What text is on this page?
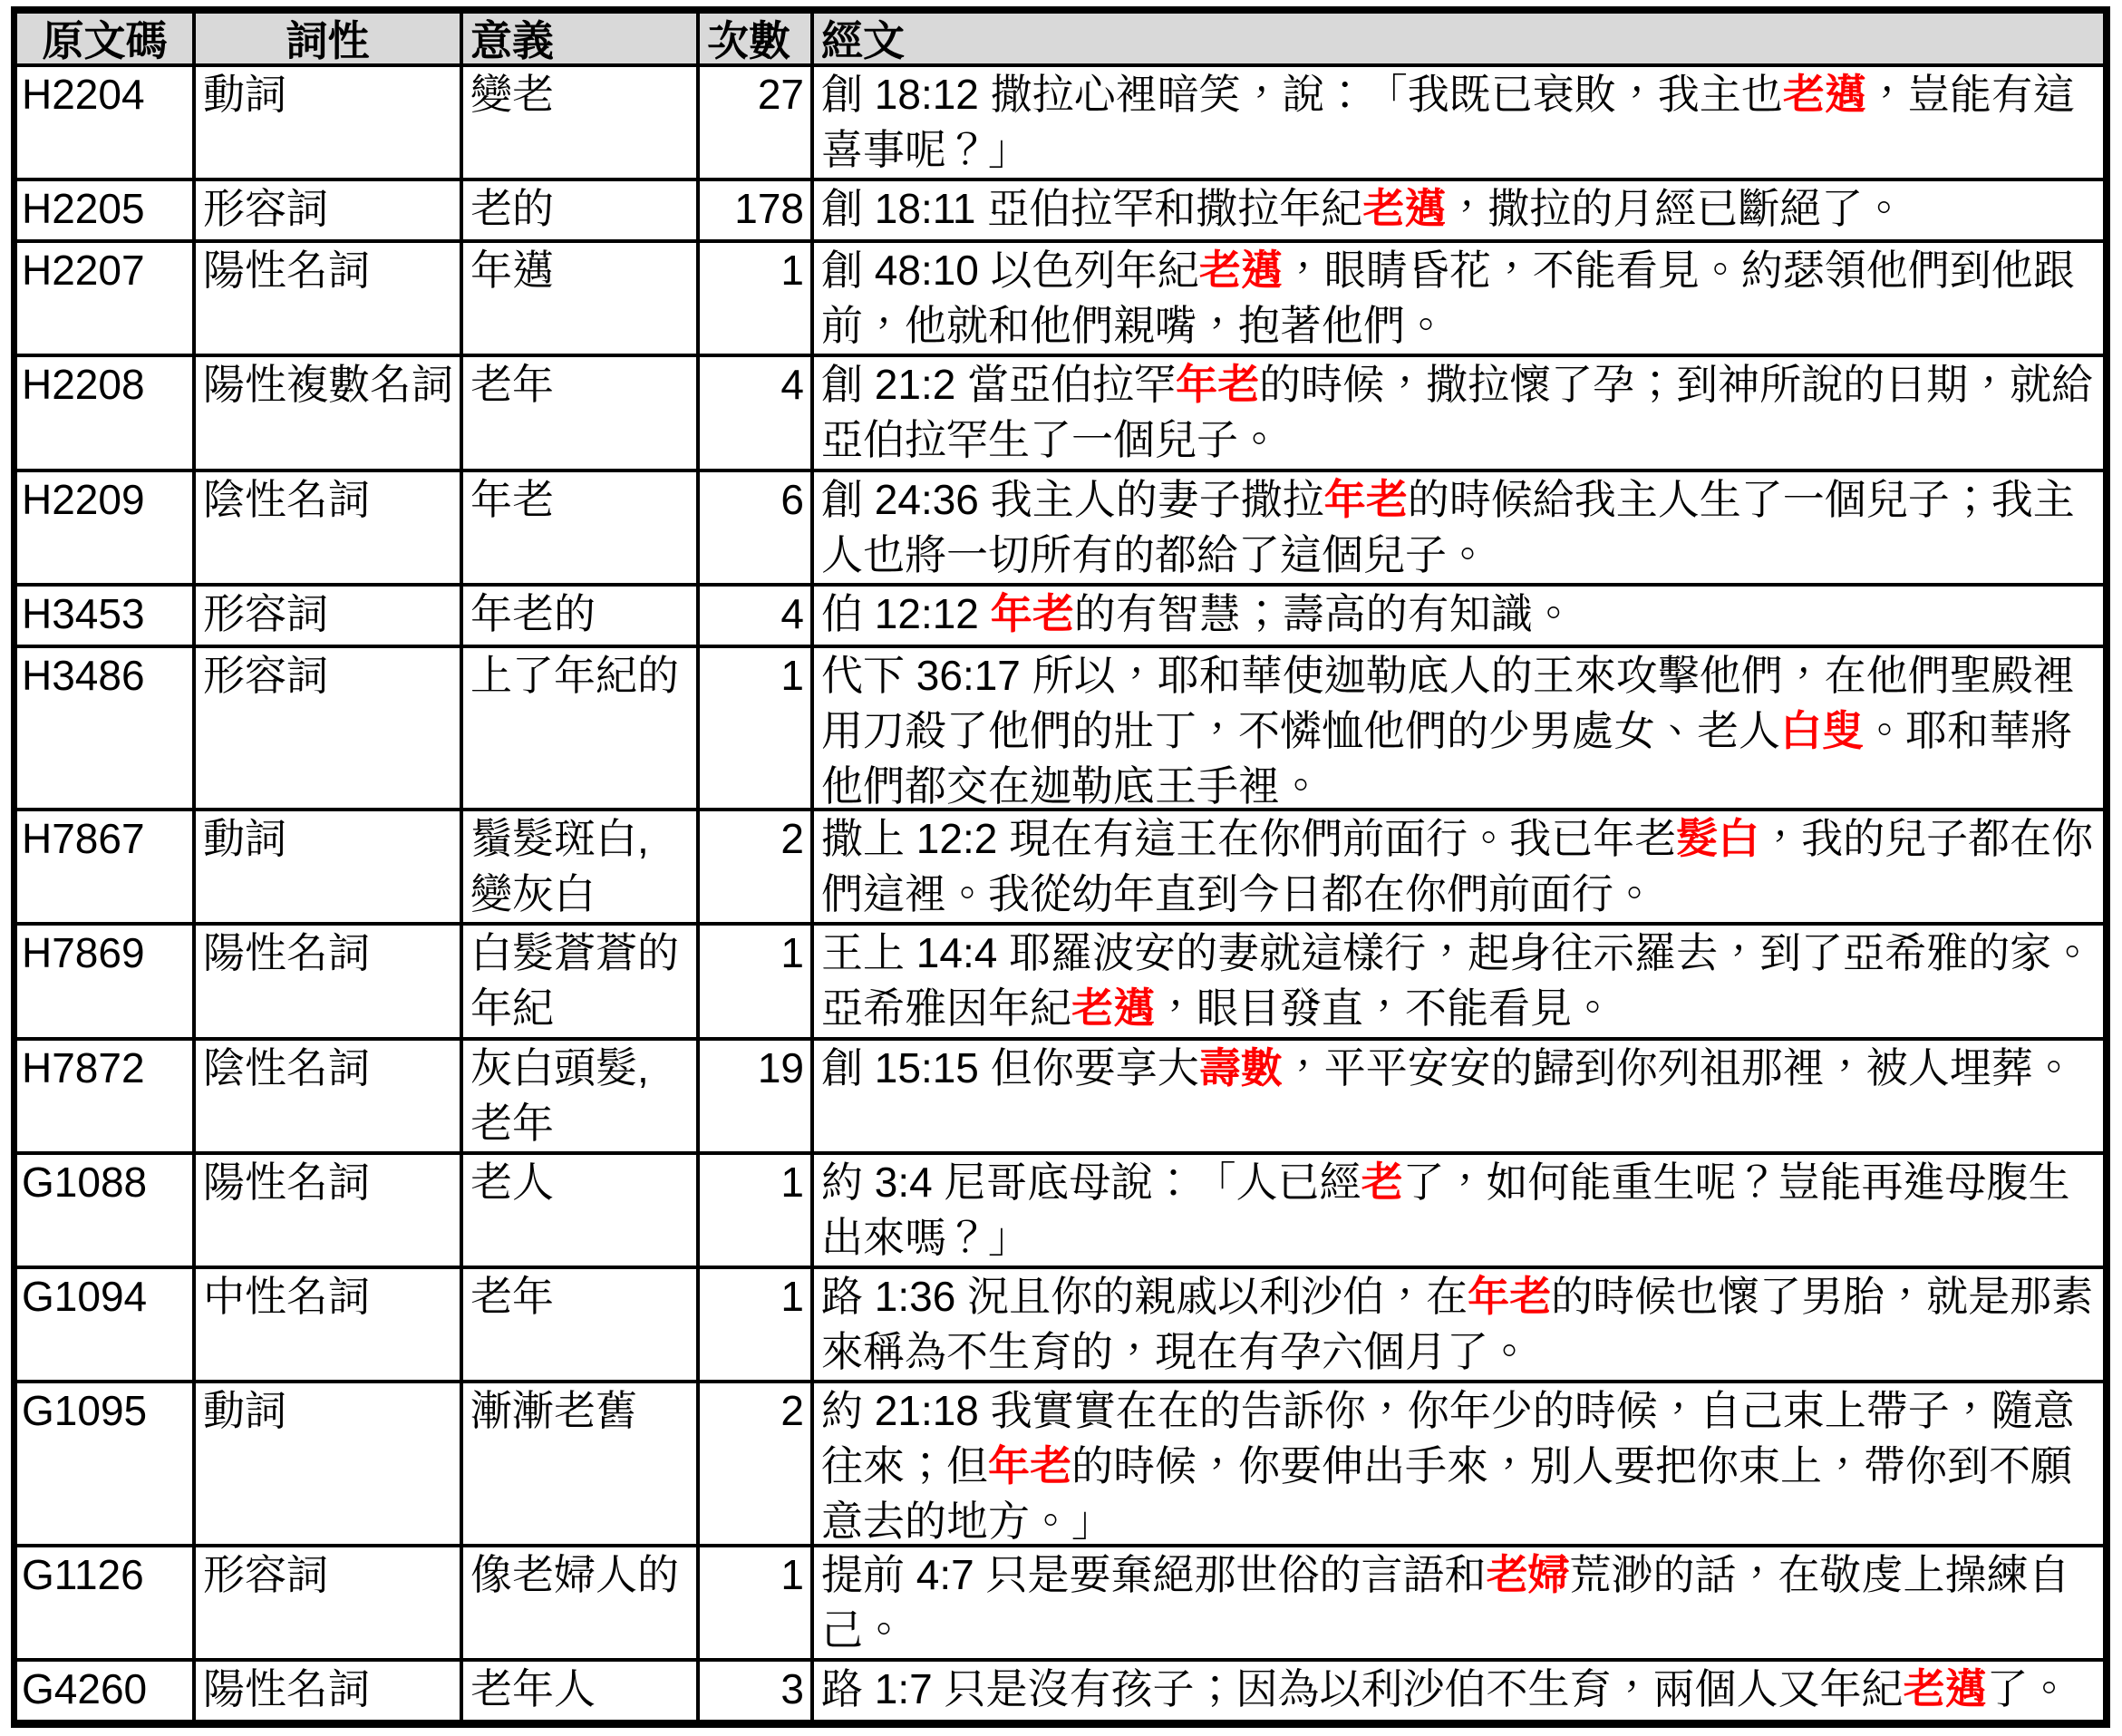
原文碼	詞性	意義	次數	經文

H2204	動詞	變老	27	創 18:12 撒拉心裡暗笑，說：「我既已衰敗，我主也老邁，豈能有這
喜事呢？」

H2205	形容詞	老的	178	創 18:11 亞伯拉罕和撒拉年紀老邁，撒拉的月經已斷絕了。

H2207	陽性名詞	年邁	1	創 48:10 以色列年紀老邁，眼睛昏花，不能看見。約瑟領他們到他跟
前，他就和他們親嘴，抱著他們。

H2208	陽性複數名詞	老年	4	創 21:2 當亞伯拉罕年老的時候，撒拉懷了孕；到神所說的日期，就給
亞伯拉罕生了一個兒子。

H2209	陰性名詞	年老	6	創 24:36 我主人的妻子撒拉年老的時候給我主人生了一個兒子；我主
人也將一切所有的都給了這個兒子。

H3453	形容詞	年老的	4	伯 12:12 年老的有智慧；壽高的有知識。

H3486	形容詞	上了年紀的	1	代下 36:17 所以，耶和華使迦勒底人的王來攻擊他們，在他們聖殿裡
用刀殺了他們的壯丁，不憐恤他們的少男處女、老人白叟。耶和華將
他們都交在迦勒底王手裡。

H7867	動詞	鬚髮斑白, 變灰白	2	撒上 12:2 現在有這王在你們前面行。我已年老髮白，我的兒子都在你
們這裡。我從幼年直到今日都在你們前面行。

H7869	陽性名詞	白髮蒼蒼的年紀	1	王上 14:4 耶羅波安的妻就這樣行，起身往示羅去，到了亞希雅的家。
亞希雅因年紀老邁，眼目發直，不能看見。

H7872	陰性名詞	灰白頭髮, 老年	19	創 15:15 但你要享大壽數，平平安安的歸到你列祖那裡，被人埋葬。

G1088	陽性名詞	老人	1	約 3:4 尼哥底母說：「人已經老了，如何能重生呢？豈能再進母腹生
出來嗎？」

G1094	中性名詞	老年	1	路 1:36 況且你的親戚以利沙伯，在年老的時候也懷了男胎，就是那素
來稱為不生育的，現在有孕六個月了。

G1095	動詞	漸漸老舊	2	約 21:18 我實實在在的告訴你，你年少的時候，自己束上帶子，隨意
往來；但年老的時候，你要伸出手來，別人要把你束上，帶你到不願
意去的地方。」

G1126	形容詞	像老婦人的	1	提前 4:7 只是要棄絕那世俗的言語和老婦荒渺的話，在敬虔上操練自
己。

G4260	陽性名詞	老年人	3	路 1:7 只是沒有孩子；因為以利沙伯不生育，兩個人又年紀老邁了。
